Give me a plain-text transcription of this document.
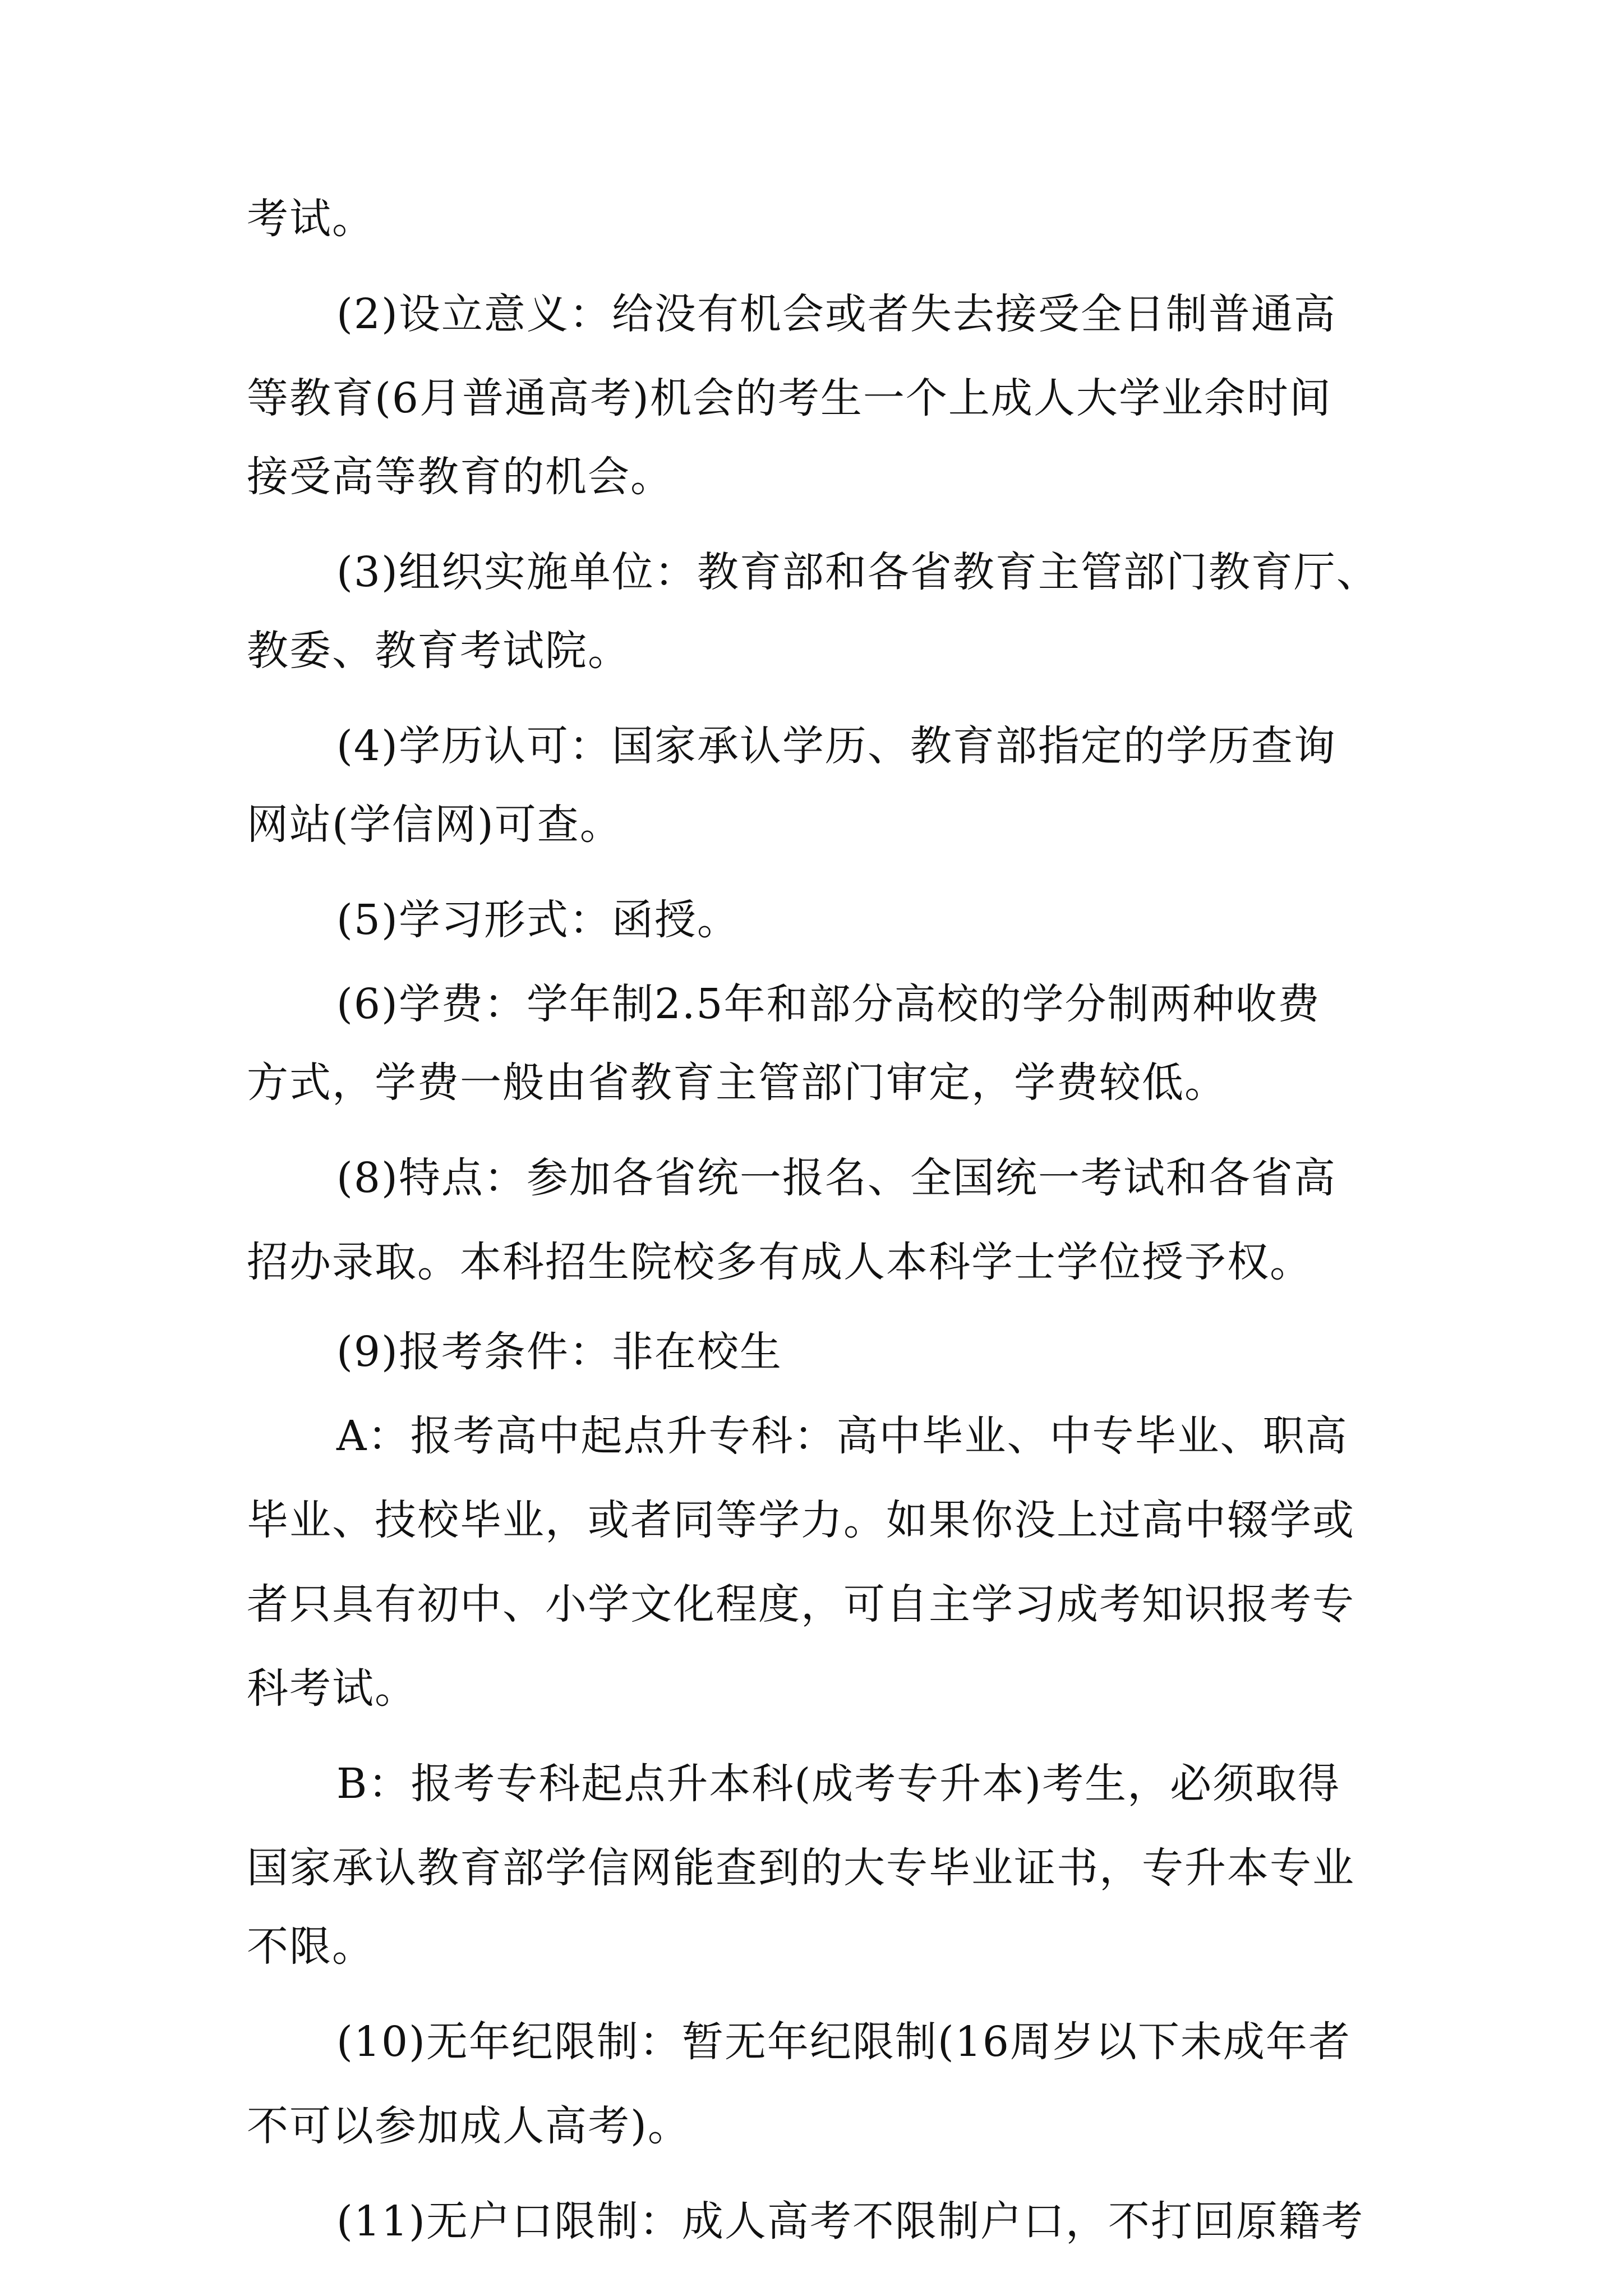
考试。

(2)设立意义：给没有机会或者失去接受全日制普通高

等教育(6月普通高考)机会的考生一个上成人大学业余时间

接受高等教育的机会。

(3)组织实施单位：教育部和各省教育主管部门教育厅、

教委、教育考试院。

(4)学历认可：国家承认学历、教育部指定的学历查询

网站(学信网)可查。

(5)学习形式：函授。

(6)学费：学年制2.5年和部分高校的学分制两种收费

方式，学费一般由省教育主管部门审定，学费较低。

(8)特点：参加各省统一报名、全国统一考试和各省高

招办录取。本科招生院校多有成人本科学士学位授予权。

(9)报考条件：非在校生

A：报考高中起点升专科：高中毕业、中专毕业、职高

毕业、技校毕业，或者同等学力。如果你没上过高中辍学或

者只具有初中、小学文化程度，可自主学习成考知识报考专

科考试。

B：报考专科起点升本科(成考专升本)考生，必须取得

国家承认教育部学信网能查到的大专毕业证书，专升本专业

不限。

(10)无年纪限制：暂无年纪限制(16周岁以下未成年者

不可以参加成人高考)。

(11)无户口限制：成人高考不限制户口，不打回原籍考
